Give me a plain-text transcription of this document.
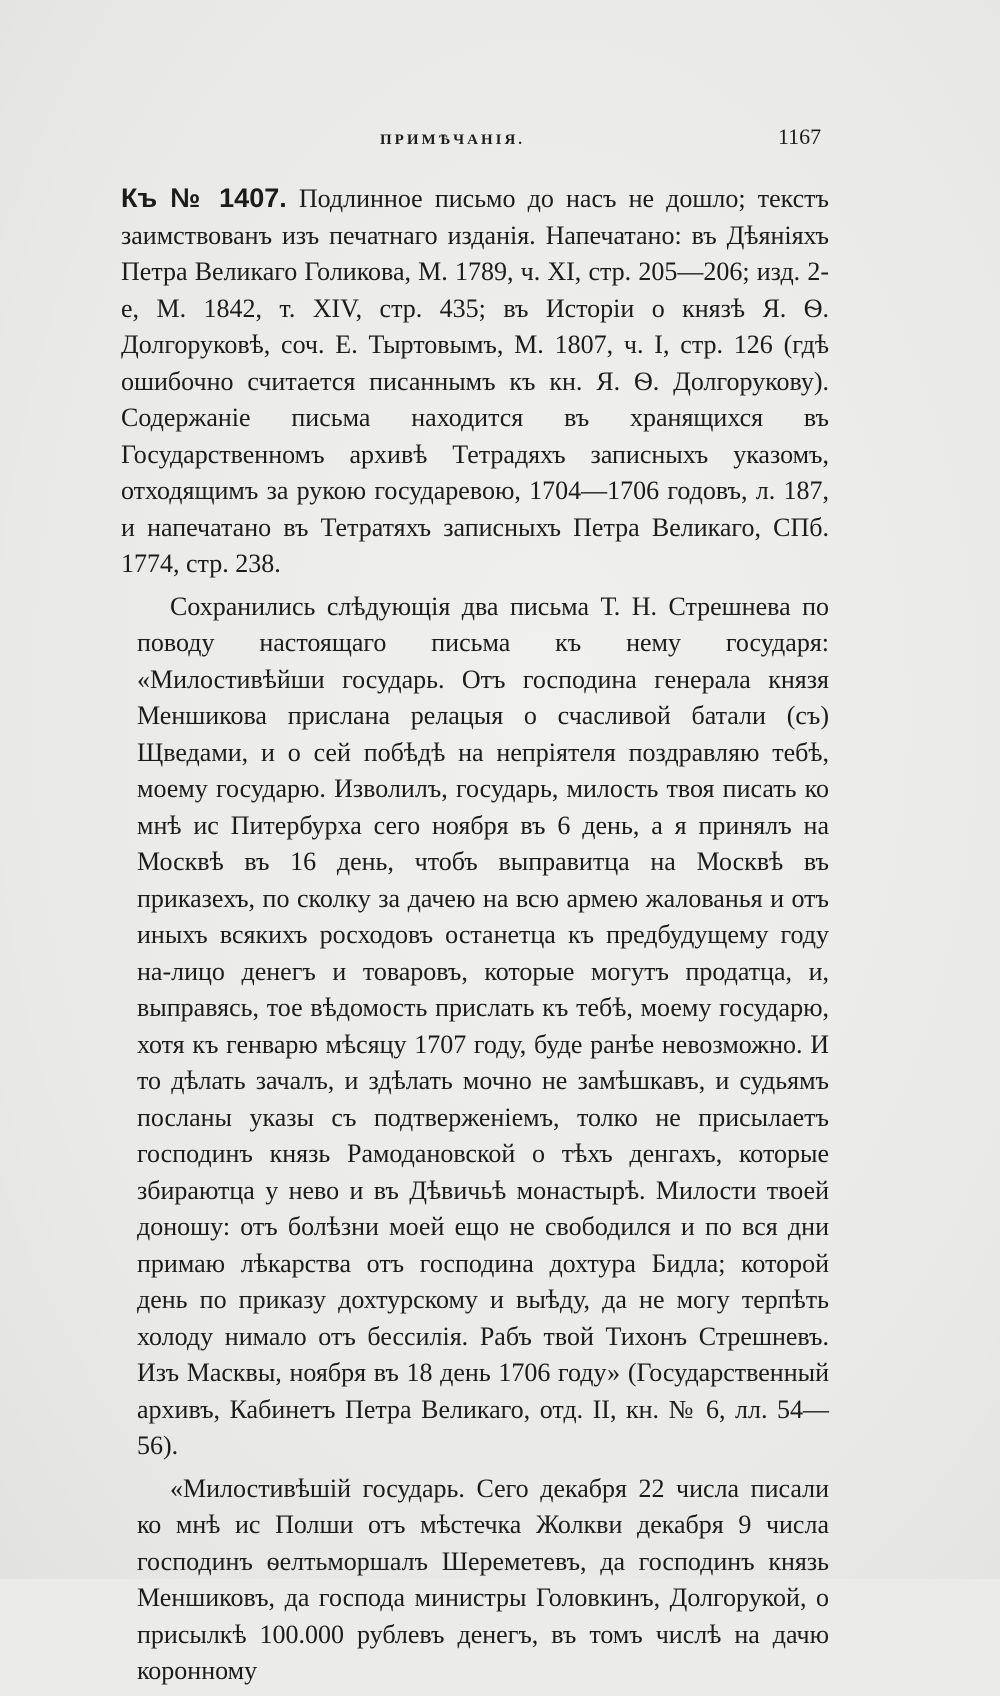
ПРИМѢЧАНІЯ.	1167

Къ № 1407. Подлинное письмо до насъ не дошло; текстъ заимствованъ изъ печатнаго изданія. Напечатано: въ Дѣяніяхъ Петра Великаго Голикова, М. 1789, ч. XI, стр. 205—206; изд. 2-е, М. 1842, т. XIV, стр. 435; въ Исторіи о князѣ Я. Ѳ. Долгоруковѣ, соч. Е. Тыртовымъ, М. 1807, ч. I, стр. 126 (гдѣ ошибочно считается писаннымъ къ кн. Я. Ѳ. Долгорукову). Содержаніе письма находится въ хранящихся въ Государственномъ архивѣ Тетрадяхъ записныхъ указомъ, отходящимъ за рукою государевою, 1704—1706 годовъ, л. 187, и напечатано въ Тетратяхъ записныхъ Петра Великаго, СПб. 1774, стр. 238.

Сохранились слѣдующія два письма Т. Н. Стрешнева по поводу настоящаго письма къ нему государя: «Милостивѣйши государь. Отъ господина генерала князя Меншикова прислана релацыя о счасливой батали (съ) Щведами, и о сей побѣдѣ на непріятеля поздравляю тебѣ, моему государю. Изволилъ, государь, милость твоя писать ко мнѣ ис Питербурха сего ноября въ 6 день, а я принялъ на Москвѣ въ 16 день, чтобъ выправитца на Москвѣ въ приказехъ, по сколку за дачею на всю армею жалованья и отъ иныхъ всякихъ росходовъ останетца къ предбудущему году на-лицо денегъ и товаровъ, которые могутъ продатца, и, выправясь, тое вѣдомость прислать къ тебѣ, моему государю, хотя къ генварю мѣсяцу 1707 году, буде ранѣе невозможно. И то дѣлать зачалъ, и здѣлать мочно не замѣшкавъ, и судьямъ посланы указы съ подтверженіемъ, толко не присылаетъ господинъ князь Рамодановской о тѣхъ денгахъ, которые збираютца у нево и въ Дѣвичьѣ монастырѣ. Милости твоей доношу: отъ болѣзни моей ещо не свободился и по вся дни примаю лѣкарства отъ господина дохтура Бидла; которой день по приказу дохтурскому и выѣду, да не могу терпѣть холоду нимало отъ бессилія. Рабъ твой Тихонъ Стрешневъ. Изъ Масквы, ноября въ 18 день 1706 году» (Государственный архивъ, Кабинетъ Петра Великаго, отд. II, кн. № 6, лл. 54—56).

«Милостивѣшій государь. Сего декабря 22 числа писали ко мнѣ ис Полши отъ мѣстечка Жолкви декабря 9 числа господинъ ѳелтьморшалъ Шереметевъ, да господинъ князь Меншиковъ, да господа министры Головкинъ, Долгорукой, о присылкѣ 100.000 рублевъ денегъ, въ томъ числѣ на дачю коронному
